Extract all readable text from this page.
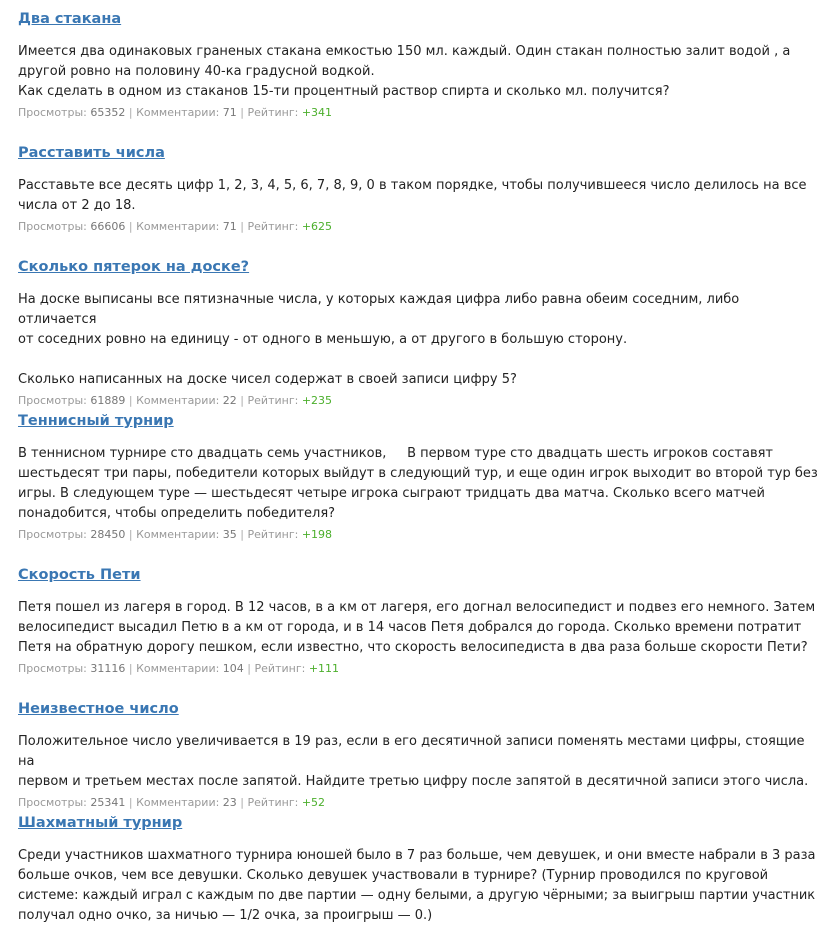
Два стакана

Имеется два одинаковых граненых стакана емкостью 150 мл. каждый. Один стакан полностью залит водой , а

другой ровно на половину 40-ка градусной водкой.

Как сделать в одном из стаканов 15-ти процентный раствор спирта и сколько мл. получится?

Просмотры: 65352 | Комментарии: 71 | Рейтинг: +341
Расставить числа

Расставьте все десять цифр 1, 2, 3, 4, 5, 6, 7, 8, 9, 0 в таком порядке, чтобы получившееся число делилось на все

числа от 2 до 18.

Просмотры: 66606 | Комментарии: 71 | Рейтинг: +625
Сколько пятерок на доске?

На доске выписаны все пятизначные числа, у которых каждая цифра либо равна обеим соседним, либо отличается

от соседних ровно на единицу - от одного в меньшую, а от другого в большую сторону.

Сколько написанных на доске чисел содержат в своей записи цифру 5?

Просмотры: 61889 | Комментарии: 22 | Рейтинг: +235
Теннисный турнир

В теннисном турнире сто двадцать семь участников,     В первом туре сто двадцать шесть игроков составят

шестьдесят три пары, победители которых выйдут в следующий тур, и еще один игрок выходит во второй тур без

игры. В следующем туре — шестьдесят четыре игрока сыграют тридцать два матча. Сколько всего матчей

понадобится, чтобы определить победителя?

Просмотры: 28450 | Комментарии: 35 | Рейтинг: +198
Скорость Пети

Петя пошел из лагеря в город. В 12 часов, в а км от лагеря, его догнал велосипедист и подвез его немного. Затем

велосипедист высадил Петю в а км от города, и в 14 часов Петя добрался до города. Сколько времени потратит

Петя на обратную дорогу пешком, если известно, что скорость велосипедиста в два раза больше скорости Пети?

Просмотры: 31116 | Комментарии: 104 | Рейтинг: +111
Неизвестное число

Положительное число увеличивается в 19 раз, если в его десятичной записи поменять местами цифры, стоящие на

первом и третьем местах после запятой. Найдите третью цифру после запятой в десятичной записи этого числа.

Просмотры: 25341 | Комментарии: 23 | Рейтинг: +52
Шахматный турнир

Среди участников шахматного турнира юношей было в 7 раз больше, чем девушек, и они вместе набрали в 3 раза

больше очков, чем все девушки. Сколько девушек участвовали в турнире? (Турнир проводился по круговой

системе: каждый играл с каждым по две партии — одну белыми, а другую чёрными; за выигрыш партии участник

получал одно очко, за ничью — 1/2 очка, за проигрыш — 0.)
